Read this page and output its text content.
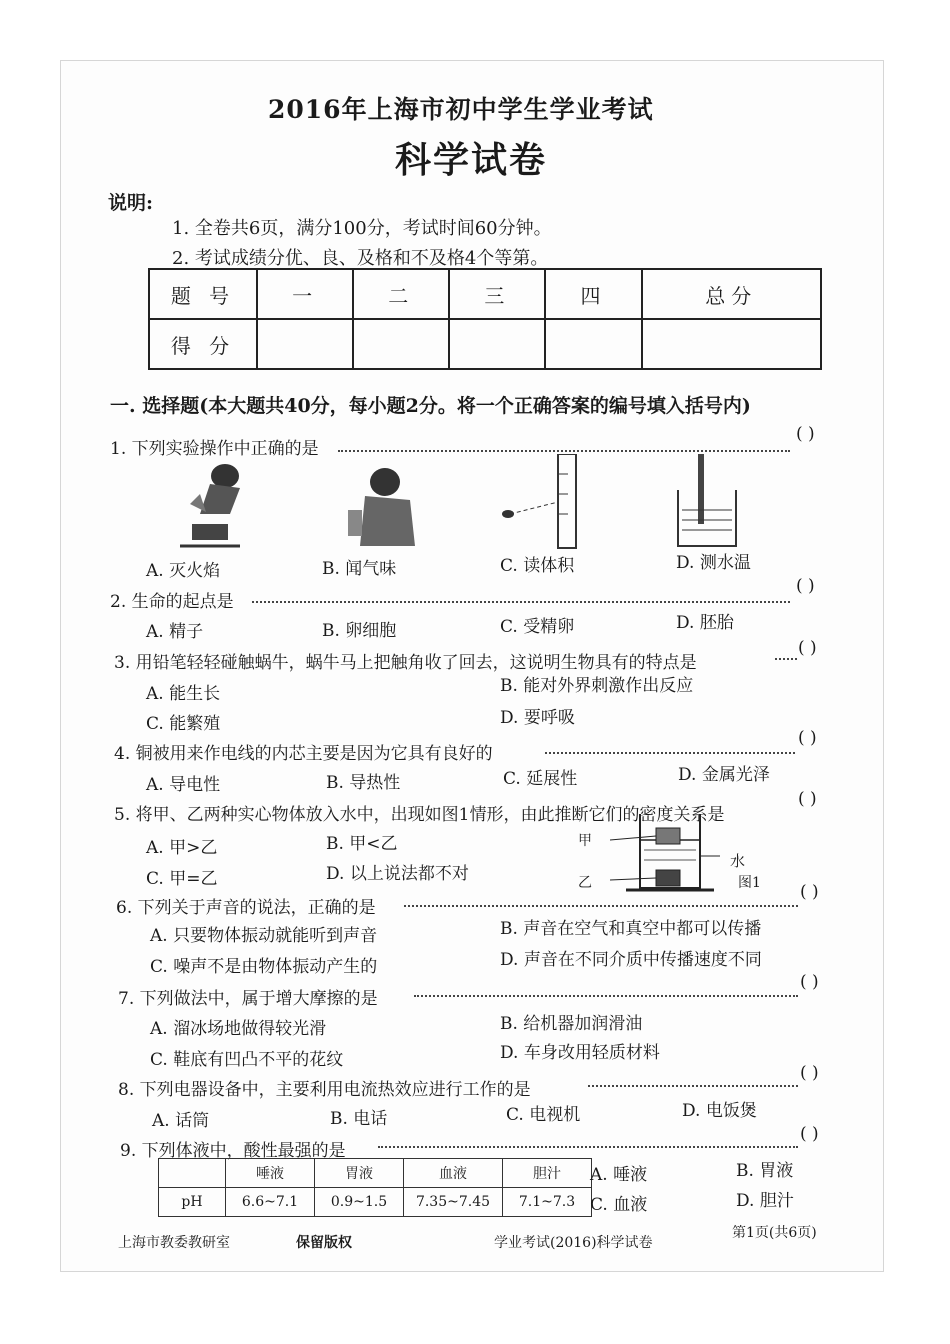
2016年上海市初中学生学业考试
科学试卷
说明:
1. 全卷共6页，满分100分，考试时间60分钟。
2. 考试成绩分优、良、及格和不及格4个等第。
题 号	一	二	三	四	总分
得 分					
一. 选择题(本大题共40分，每小题2分。将一个正确答案的编号填入括号内)
1. 下列实验操作中正确的是
( )
A. 灭火焰	B. 闻气味	C. 读体积	D. 测水温
2. 生命的起点是
( )
A. 精子	B. 卵细胞	C. 受精卵	D. 胚胎
3. 用铅笔轻轻碰触蜗牛，蜗牛马上把触角收了回去，这说明生物具有的特点是
( )
A. 能生长	B. 能对外界刺激作出反应
C. 能繁殖	D. 要呼吸
4. 铜被用来作电线的内芯主要是因为它具有良好的
( )
A. 导电性	B. 导热性	C. 延展性	D. 金属光泽
5. 将甲、乙两种实心物体放入水中，出现如图1情形，由此推断它们的密度关系是
( )
A. 甲>乙	B. 甲<乙
C. 甲=乙	D. 以上说法都不对
甲
水
乙	图1
6. 下列关于声音的说法，正确的是
( )
A. 只要物体振动就能听到声音	B. 声音在空气和真空中都可以传播
C. 噪声不是由物体振动产生的	D. 声音在不同介质中传播速度不同
7. 下列做法中，属于增大摩擦的是
( )
A. 溜冰场地做得较光滑	B. 给机器加润滑油
C. 鞋底有凹凸不平的花纹	D. 车身改用轻质材料
8. 下列电器设备中，主要利用电流热效应进行工作的是
( )
A. 话筒	B. 电话	C. 电视机	D. 电饭煲
9. 下列体液中，酸性最强的是
( )
	唾液	胃液	血液	胆汁
pH	6.6~7.1	0.9~1.5	7.35~7.45	7.1~7.3
A. 唾液	B. 胃液
C. 血液	D. 胆汁
上海市教委教研室	保留版权	学业考试(2016)科学试卷
第1页(共6页)
